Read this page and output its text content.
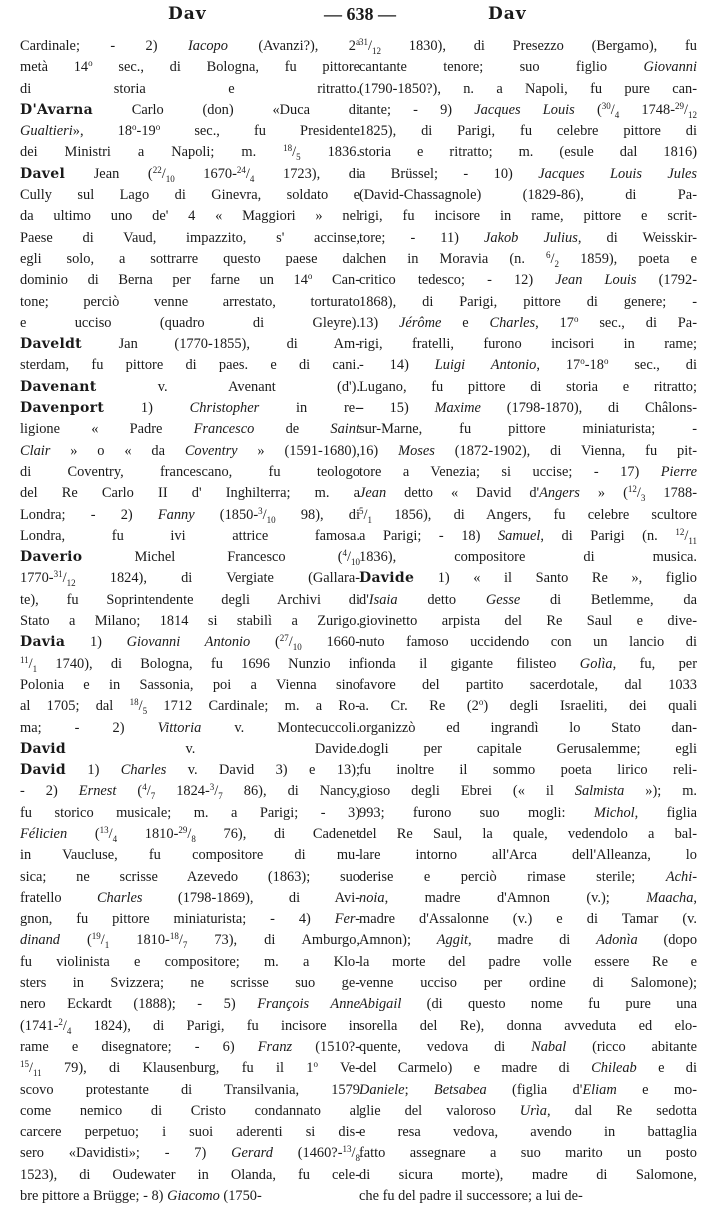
Dav	— 638 —	Dav
Cardinale; - 2) Iacopo (Avanzi?), 2$^a$
metà 14$^o$ sec., di Bologna, fu pittore
di storia e ritratto.
D'Avarna Carlo (don) «Duca di
Gualtieri», 18$^o$-19$^o$ sec., fu Presidente
dei Ministri a Napoli; m. $^{18}/_5$ 1836.
Davel Jean ($^{22}/_{10}$ $1670-^{24}/_4$ 1723), di
Cully sul Lago di Ginevra, soldato e
da ultimo uno de' 4 « Maggiori » nel
Paese di Vaud, impazzito, s' accinse,
egli solo, a sottrarre questo paese dal
dominio di Berna per farne un 14$^o$ Can-
tone; perciò venne arrestato, torturato
e ucciso (quadro di Gleyre).
Daveldt Jan (1770-1855), di Am-
sterdam, fu pittore di paes. e di cani.
Davenant v. Avenant (d').
Davenport 1) Christopher in re-
ligione « Padre Francesco de Saint
Clair » o « da Coventry » (1591-1680),
di Coventry, francescano, fu teologo
del Re Carlo II d' Inghilterra; m. a
Londra; - 2) Fanny ($1850-^3/_{10}$ 98), di
Londra, fu ivi attrice famosa.
Daverio Michel Francesco ($^4/_{10}$
$1770-^{31}/_{12}$ 1824), di Vergiate (Gallara-
te), fu Soprintendente degli Archivi di
Stato a Milano; 1814 si stabilì a Zurigo.
Davia 1) Giovanni Antonio ($^{27}/_{10}$ 1660-
$^{11}/_1$ 1740), di Bologna, fu 1696 Nunzio in
Polonia e in Sassonia, poi a Vienna sino
al 1705; dal $^{18}/_5$ 1712 Cardinale; m. a Ro-
ma; - 2) Vittoria v. Montecuccoli.
David v. Davide.
David 1) Charles v. David 3) e 13);
- 2) Ernest ($^4/_7$ $1824-^3/_7$ 86), di Nancy,
fu storico musicale; m. a Parigi; - 3)
Félicien ($^{13}/_4$ $1810-^{29}/_8$ 76), di Cadenet
in Vaucluse, fu compositore di mu-
sica; ne scrisse Azevedo (1863); suo
fratello Charles (1798-1869), di Avi-
gnon, fu pittore miniaturista; - 4) Fer-
dinand ($^{19}/_1$ $1810-^{18}/_7$ 73), di Amburgo,
fu violinista e compositore; m. a Klo-
sters in Svizzera; ne scrisse suo ge-
nero Eckardt (1888); - 5) François Anne
($1741-^2/_4$ 1824), di Parigi, fu incisore in
rame e disegnatore; - 6) Franz (1510?-
$^{15}/_{11}$ 79), di Klausenburg, fu il 1$^o$ Ve-
scovo protestante di Transilvania, 1579
come nemico di Cristo condannato al
carcere perpetuo; i suoi aderenti si dis-
sero «Davidisti»; - 7) Gerard ($1460?-^{13}/_8$
1523), di Oudewater in Olanda, fu cele-
bre pittore a Brügge; - 8) Giacomo (1750-
$^{31}/_{12}$ 1830), di Presezzo (Bergamo), fu
cantante tenore; suo figlio Giovanni
(1790-1850?), n. a Napoli, fu pure can-
tante; - 9) Jacques Louis ($^{30}/_4$ $1748-^{29}/_{12}$
1825), di Parigi, fu celebre pittore di
storia e ritratto; m. (esule dal 1816)
a Brüssel; - 10) Jacques Louis Jules
(David-Chassagnole) (1829-86), di Pa-
rigi, fu incisore in rame, pittore e scrit-
tore; - 11) Jakob Julius, di Weisskir-
chen in Moravia (n. $^6/_2$ 1859), poeta e
critico tedesco; - 12) Jean Louis (1792-
1868), di Parigi, pittore di genere; -
13) Jérôme e Charles, 17$^o$ sec., di Pa-
rigi, fratelli, furono incisori in rame;
- 14) Luigi Antonio, 17$^o$-18$^o$ sec., di
Lugano, fu pittore di storia e ritratto;
- 15) Maxime (1798-1870), di Châlons-
sur-Marne, fu pittore miniaturista; -
16) Moses (1872-1902), di Vienna, fu pit-
tore a Venezia; si uccise; - 17) Pierre
Jean detto « David d'Angers » ($^{12}/_3$ 1788-
$^5/_1$ 1856), di Angers, fu celebre scultore
a Parigi; - 18) Samuel, di Parigi (n. $^{12}/_{11}$
1836), compositore di musica.
Davide 1) « il Santo Re », figlio
d'Isaia detto Gesse di Betlemme, da
giovinetto arpista del Re Saul e dive-
nuto famoso uccidendo con un lancio di
fionda il gigante filisteo Golìa, fu, per
favore del partito sacerdotale, dal 1033
a. Cr. Re (2$^o$) degli Israeliti, dei quali
organizzò ed ingrandì lo Stato dan-
dogli per capitale Gerusalemme; egli
fu inoltre il sommo poeta lirico reli-
gioso degli Ebrei (« il Salmista »); m.
993; furono suo mogli: Michol, figlia
del Re Saul, la quale, vedendolo a bal-
lare intorno all'Arca dell'Alleanza, lo
derise e perciò rimase sterile; Achi-
noia, madre d'Amnon (v.); Maacha,
madre d'Assalonne (v.) e di Tamar (v.
Amnon); Aggit, madre di Adonìa (dopo
la morte del padre volle essere Re e
venne ucciso per ordine di Salomone);
Abigail (di questo nome fu pure una
sorella del Re), donna avveduta ed elo-
quente, vedova di Nabal (ricco abitante
del Carmelo) e madre di Chileab e di
Daniele; Betsabea (figlia d'Eliam e mo-
glie del valoroso Urìa, dal Re sedotta
e resa vedova, avendo in battaglia
fatto assegnare a suo marito un posto
di sicura morte), madre di Salomone,
che fu del padre il successore; a lui de-
